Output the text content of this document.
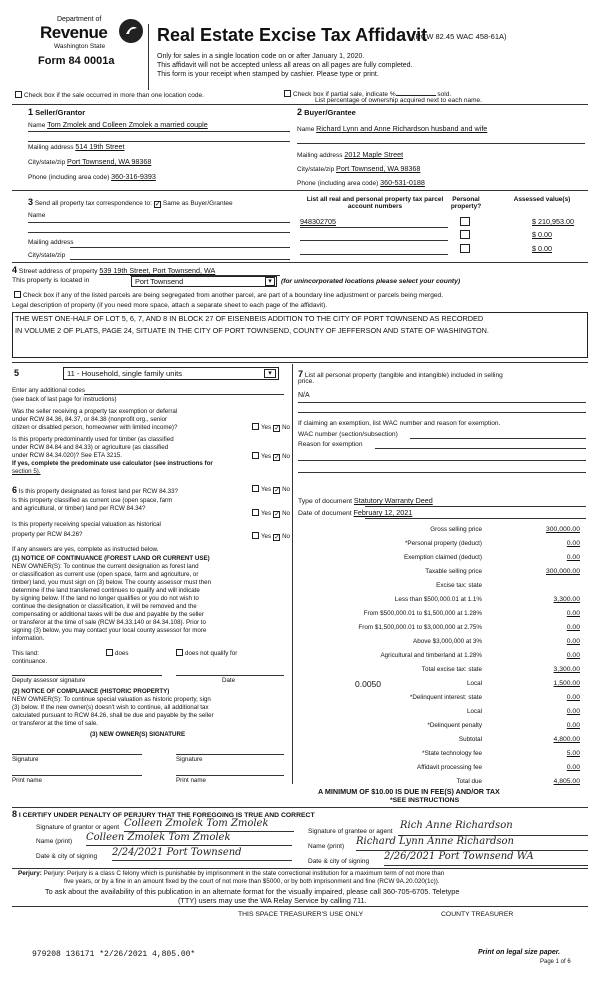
Department of
Revenue
Washington State
Form 84 0001a
Real Estate Excise Tax Affidavit
(RCW 82.45 WAC 458-61A)
Only for sales in a single location code on or after January 1, 2020.
This affidavit will not be accepted unless all areas on all pages are fully completed.
This form is your receipt when stamped by cashier. Please type or print.
Check box if the sale occurred in more than one location code.	Check box if partial sale, indicate %	sold.
List percentage of ownership acquired next to each name.
1 Seller/Grantor
Name Tom Zmolek and Colleen Zmolek a married couple
Mailing address 514 19th Street
City/state/zip Port Townsend, WA 98368
Phone (including area code) 360-316-9393
2 Buyer/Grantee
Name Richard Lynn and Anne Richardson husband and wife
Mailing address 2012 Maple Street
City/state/zip Port Townsend, WA 98368
Phone (including area code) 360-531-0188
3 Send all property tax correspondence to: ✓ Same as Buyer/Grantee
Name
Mailing address
City/state/zip
List all real and personal property tax parcel account numbers
Personal property?
Assessed value(s)
948302705	$ 210,953.00
$ 0.00
$ 0.00
4 Street address of property 539 19th Street, Port Townsend, WA
This property is located in	Port Townsend	▾	(for unincorporated locations please select your county)
Check box if any of the listed parcels are being segregated from another parcel, are part of a boundary line adjustment or parcels being merged.
Legal description of property (if you need more space, attach a separate sheet to each page of the affidavit).
THE WEST ONE-HALF OF LOT 5, 6, 7, AND 8 IN BLOCK 27 OF EISENBEIS ADDITION TO THE CITY OF PORT TOWNSEND AS RECORDED
IN VOLUME 2 OF PLATS, PAGE 24, SITUATE IN THE CITY OF PORT TOWNSEND, COUNTY OF JEFFERSON AND STATE OF WASHINGTON.
5	11 - Household, single family units	▾
Enter any additional codes
(see back of last page for instructions)
Was the seller receiving a property tax exemption or deferral
under RCW 84.36, 84.37, or 84.38 (nonprofit org., senior
citizen or disabled person, homeowner with limited income)?	Yes ✓ No
Is this property predominantly used for timber (as classified
under RCW 84.84 and 84.33) or agriculture (as classified
under RCW 84.34.020)? See ETA 3215.	Yes ✓ No
If yes, complete the predominate use calculator (see instructions for
section 5).
6 Is this property designated as forest land per RCW 84.33?	Yes ✓ No
Is this property classified as current use (open space, farm
and agricultural, or timber) land per RCW 84.34?
Yes ✓ No
Is this property receiving special valuation as historical
property per RCW 84.26?	Yes ✓ No
If any answers are yes, complete as instructed below.
(1) NOTICE OF CONTINUANCE (FOREST LAND OR CURRENT USE)
NEW OWNER(S): To continue the current designation as forest land
or classification as current use (open space, farm and agriculture, or
timber) land, you must sign on (3) below. The county assessor must then
determine if the land transferred continues to qualify and will indicate
by signing below. If the land no longer qualifies or you do not wish to
continue the designation or classification, it will be removed and the
compensating or additional taxes will be due and payable by the seller
or transferor at the time of sale (RCW 84.33.140 or 84.34.108). Prior to
signing (3) below, you may contact your local county assessor for more
information.
This land:	does	does not qualify for
continuance.
Deputy assessor signature	Date
(2) NOTICE OF COMPLIANCE (HISTORIC PROPERTY)
NEW OWNER(S): To continue special valuation as historic property, sign
(3) below. If the new owner(s) doesn't wish to continue, all additional tax
calculated pursuant to RCW 84.26, shall be due and payable by the seller
or transferor at the time of sale.
(3) NEW OWNER(S) SIGNATURE
Signature	Signature
Print name	Print name
7 List all personal property (tangible and intangible) included in selling
price.
N/A
If claiming an exemption, list WAC number and reason for exemption.
WAC number (section/subsection)
Reason for exemption
Type of document Statutory Warranty Deed
Date of document February 12, 2021
Gross selling price	300,000.00
*Personal property (deduct)	0.00
Exemption claimed (deduct)	0.00
Taxable selling price	300,000.00
Excise tax: state
Less than $500,000.01 at 1.1%	3,300.00
From $500,000.01 to $1,500,000 at 1.28%	0.00
From $1,500,000.01 to $3,000,000 at 2.75%	0.00
Above $3,000,000 at 3%	0.00
Agricultural and timberland at 1.28%	0.00
Total excise tax: state	3,300.00
0.0050	Local	1,500.00
*Delinquent interest: state	0.00
Local	0.00
*Delinquent penalty	0.00
Subtotal	4,800.00
*State technology fee	5.00
Affidavit processing fee	0.00
Total due	4,805.00
A MINIMUM OF $10.00 IS DUE IN FEE(S) AND/OR TAX
*SEE INSTRUCTIONS
8 I CERTIFY UNDER PENALTY OF PERJURY THAT THE FOREGOING IS TRUE AND CORRECT
Signature of grantor or agent Colleen Zmolek Tom Zmolek
Name (print) Colleen Zmolek Tom Zmolek
Date & city of signing 2/24/2021 Port Townsend
Signature of grantee or agent
Rich Anne Richardson
Name (print) Richard Lynn Anne Richardson
Date & city of signing 2/26/2021 Port Townsend WA
Perjury: Perjury: Perjury is a class C felony which is punishable by imprisonment in the state correctional institution for a maximum term of not more than
five years, or by a fine in an amount fixed by the court of not more than $5000, or by both imprisonment and fine (RCW 9A.20.020(1c)).
To ask about the availability of this publication in an alternate format for the visually impaired, please call 360-705-6705. Teletype
(TTY) users may use the WA Relay Service by calling 711.
THIS SPACE TREASURER'S USE ONLY	COUNTY TREASURER
979208 136171 *2/26/2021 4,805.00*	Print on legal size paper.
Page 1 of 6
